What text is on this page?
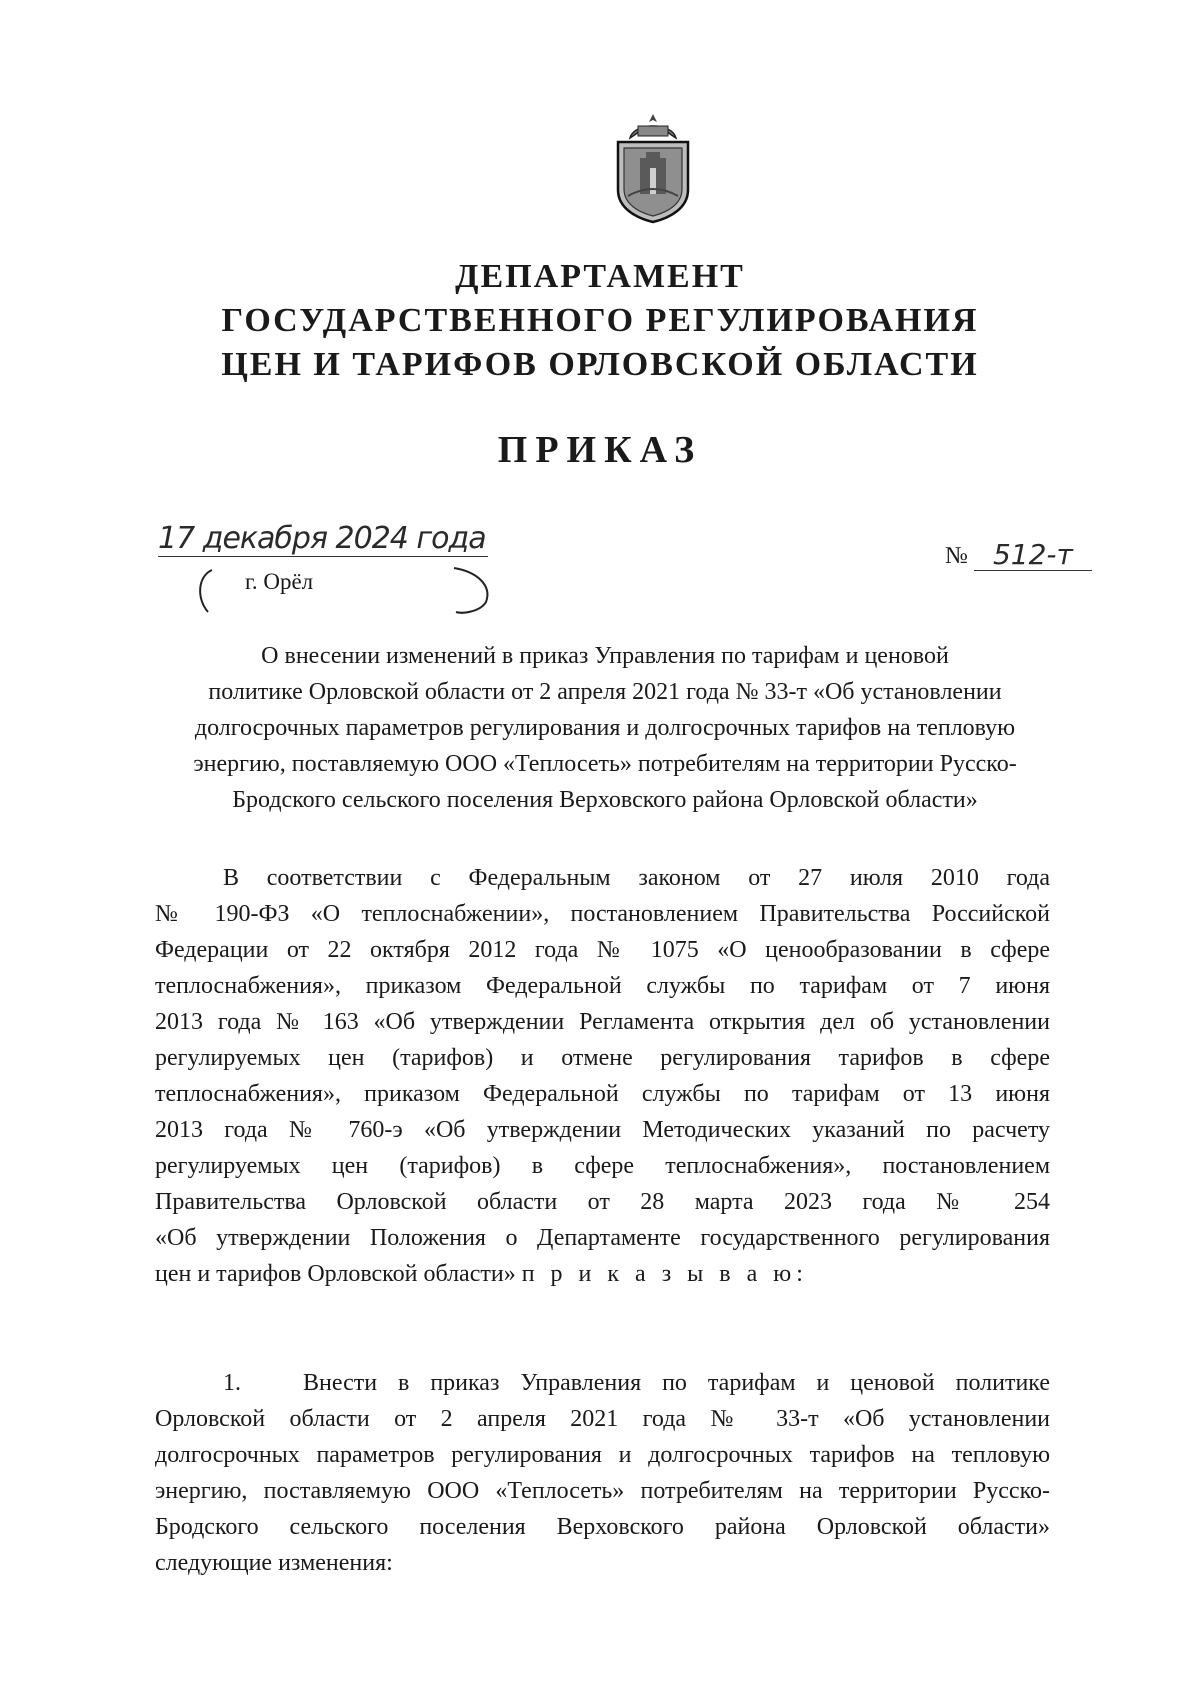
ДЕПАРТАМЕНТ
ГОСУДАРСТВЕННОГО РЕГУЛИРОВАНИЯ
ЦЕН И ТАРИФОВ ОРЛОВСКОЙ ОБЛАСТИ
ПРИКАЗ
17 декабря 2024 года
г. Орёл
№ 512-т
О внесении изменений в приказ Управления по тарифам и ценовой
политике Орловской области от 2 апреля 2021 года № 33-т «Об установлении
долгосрочных параметров регулирования и долгосрочных тарифов на тепловую
энергию, поставляемую ООО «Теплосеть» потребителям на территории Русско-
Бродского сельского поселения Верховского района Орловской области»
В соответствии с Федеральным законом от 27 июля 2010 года
№ 190-ФЗ «О теплоснабжении», постановлением Правительства Российской
Федерации от 22 октября 2012 года № 1075 «О ценообразовании в сфере
теплоснабжения», приказом Федеральной службы по тарифам от 7 июня
2013 года № 163 «Об утверждении Регламента открытия дел об установлении
регулируемых цен (тарифов) и отмене регулирования тарифов в сфере
теплоснабжения», приказом Федеральной службы по тарифам от 13 июня
2013 года № 760-э «Об утверждении Методических указаний по расчету
регулируемых цен (тарифов) в сфере теплоснабжения», постановлением
Правительства Орловской области от 28 марта 2023 года № 254
«Об утверждении Положения о Департаменте государственного регулирования
цен и тарифов Орловской области» п р и к а з ы в а ю:
1.	Внести в приказ Управления по тарифам и ценовой политике
Орловской области от 2 апреля 2021 года № 33-т «Об установлении
долгосрочных параметров регулирования и долгосрочных тарифов на тепловую
энергию, поставляемую ООО «Теплосеть» потребителям на территории Русско-
Бродского сельского поселения Верховского района Орловской области»
следующие изменения:
